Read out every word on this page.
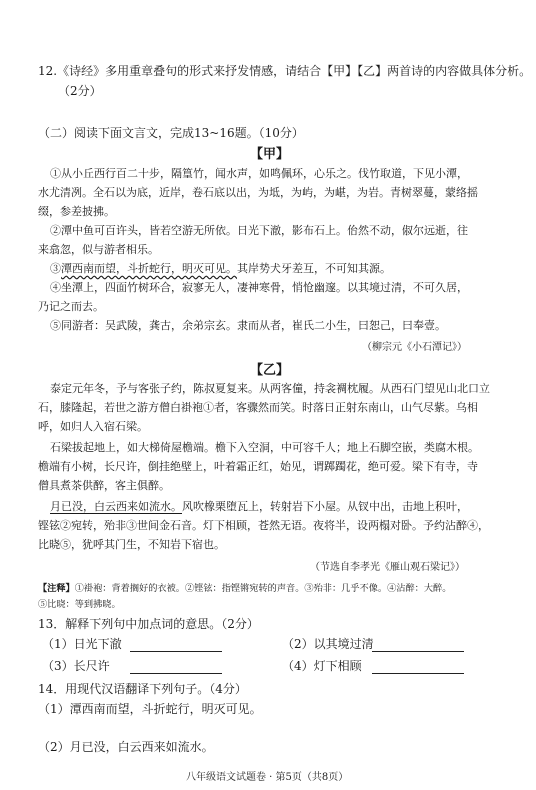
12.《诗经》多用重章叠句的形式来抒发情感，请结合【甲】【乙】两首诗的内容做具体分析。
（2分）
（二）阅读下面文言文，完成13~16题。（10分）
【甲】
①从小丘西行百二十步，隔篁竹，闻水声，如鸣佩环，心乐之。伐竹取道，下见小潭，
水尤清冽。全石以为底，近岸，卷石底以出，为坻，为屿，为嵁，为岩。青树翠蔓，蒙络摇
缀，参差披拂。
②潭中鱼可百许头，皆若空游无所依。日光下澈，影布石上。佁然不动，俶尔远逝，往
来翕忽，似与游者相乐。
③潭西南而望，斗折蛇行，明灭可见。其岸势犬牙差互，不可知其源。
④坐潭上，四面竹树环合，寂寥无人，凄神寒骨，悄怆幽邃。以其境过清，不可久居，
乃记之而去。
⑤同游者：吴武陵，龚古，余弟宗玄。隶而从者，崔氏二小生，曰恕己，曰奉壹。
（柳宗元《小石潭记》）
【乙】
泰定元年冬，予与客张子约，陈叔夏复来。从两客僮，持衾裯枕履。从西石门望见山北口立
石，膝隆起，若世之游方僧白褂袍①者，客骤然而笑。时落日正射东南山，山气尽紫。乌相
呼，如归人入宿石梁。
石梁拔起地上，如大梯倚屋檐端。檐下入空洞，中可容千人；地上石脚空嵌，类腐木根。
檐端有小树，长尺许，倒挂绝壁上，叶着霜正红，始见，谓踯躅花，绝可爱。梁下有寺，寺
僧具煮茶供醉，客主俱醉。
月已没，白云西来如流水。风吹橡栗堕瓦上，转射岩下小屋。从钗中出，击地上积叶，
铿铉②宛转，殆非③世间金石音。灯下相顾，苍然无语。夜将半，设两榻对卧。予约沾醉④，
比晓⑤，犹呼其门生，不知岩下宿也。
（节选自李孝光《雁山观石梁记》）
【注释】①褂袍：背着搁好的衣被。②铿铉：指铿锵宛转的声音。③殆非：几乎不像。④沾醉：大醉。
⑤比晓：等到拂晓。
13．解释下列句中加点词的意思。（2分）
（1）日光下澈	（2）以其境过清
（3）长尺许	（4）灯下相顾
14．用现代汉语翻译下列句子。（4分）
（1）潭西南而望，斗折蛇行，明灭可见。
（2）月已没，白云西来如流水。
八年级语文试题卷 · 第5页（共8页）
